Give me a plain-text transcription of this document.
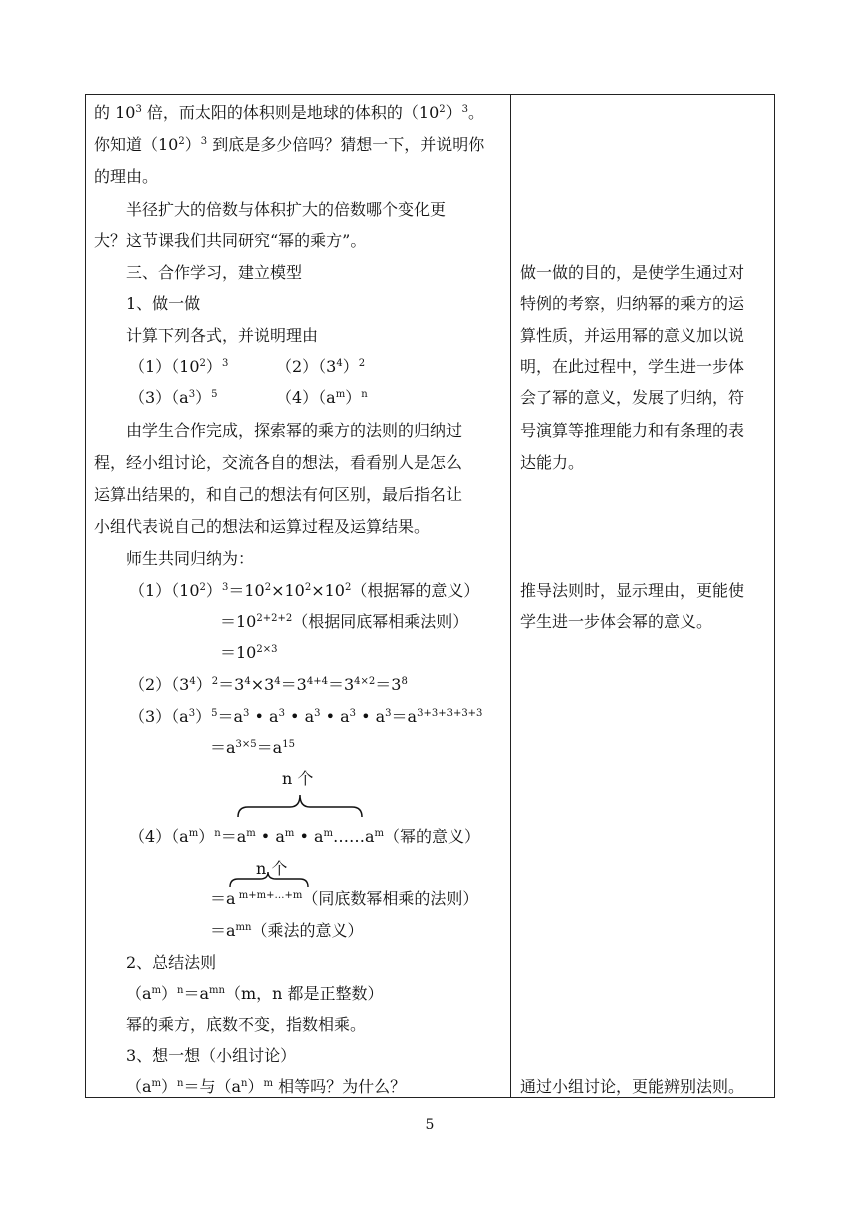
的 $10^3$ 倍，而太阳的体积则是地球的体积的$(10^2)^3$。
你知道$(10^2)^3$ 到底是多少倍吗？猜想一下，并说明你
的理由。
半径扩大的倍数与体积扩大的倍数哪个变化更
大？这节课我们共同研究“幂的乘方”。
三、合作学习，建立模型
1、做一做
计算下列各式，并说明理由
$(1)(10^2)^3$	$(2)(3^4)^2$
$(3)(a^3)^5$	$(4)(a^m)^n$
由学生合作完成，探索幂的乘方的法则的归纳过
程，经小组讨论，交流各自的想法，看看别人是怎么
运算出结果的，和自己的想法有何区别，最后指名让
小组代表说自己的想法和运算过程及运算结果。
师生共同归纳为：
$(1)(10^2)^3=10^2\times 10^2\times 10^2$（根据幂的意义）
$=10^{2+2+2}$（根据同底幂相乘法则）
$=10^{2\times 3}$
$(2)(3^4)^2=3^4\times 3^4=3^{4+4}=3^{4\times 2}=3^8$
$(3)(a^3)^5=a^3$ • $a^3$ • $a^3$ • $a^3$ • $a^3=a^{3+3+3+3+3}$
$=a^{3\times 5}=a^{15}$
n 个
$(4)(a^m)^n=a^m$ • $a^m$ • $a^m\dots\dots a^m$（幂的意义）
n 个
＝a $^{m+m+\dots+m}$（同底数幂相乘的法则）
$=a^{mn}$（乘法的意义）
2、总结法则
$(a^m)^n=a^{mn}(m$，n 都是正整数）
幂的乘方，底数不变，指数相乘。
3、想一想（小组讨论）
$(a^m)^n=$与$(a^n)^m$ 相等吗？为什么？
做一做的目的，是使学生通过对
特例的考察，归纳幂的乘方的运
算性质，并运用幂的意义加以说
明，在此过程中，学生进一步体
会了幂的意义，发展了归纳，符
号演算等推理能力和有条理的表
达能力。
推导法则时，显示理由，更能使
学生进一步体会幂的意义。
通过小组讨论，更能辨别法则。
5
